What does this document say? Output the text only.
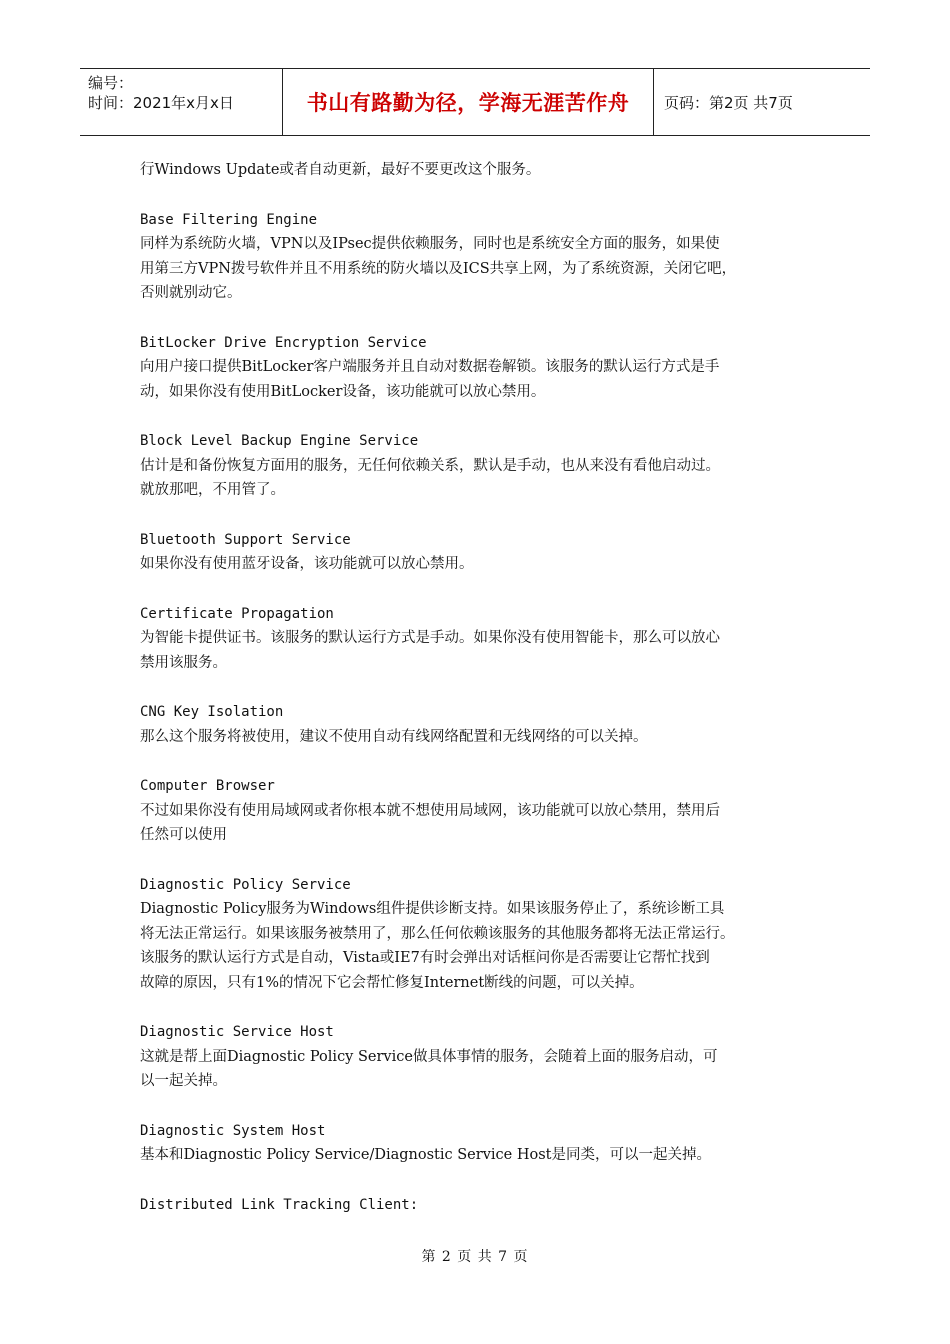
编号：
时间：2021年x月x日	书山有路勤为径，学海无涯苦作舟	页码：第2页 共7页
行Windows Update或者自动更新，最好不要更改这个服务。
Base Filtering Engine
同样为系统防火墙，VPN以及IPsec提供依赖服务，同时也是系统安全方面的服务，如果使
用第三方VPN拨号软件并且不用系统的防火墙以及ICS共享上网，为了系统资源，关闭它吧，
否则就别动它。
BitLocker Drive Encryption Service
向用户接口提供BitLocker客户端服务并且自动对数据卷解锁。该服务的默认运行方式是手
动，如果你没有使用BitLocker设备，该功能就可以放心禁用。
Block Level Backup Engine Service
估计是和备份恢复方面用的服务，无任何依赖关系，默认是手动，也从来没有看他启动过。
就放那吧，不用管了。
Bluetooth Support Service
如果你没有使用蓝牙设备，该功能就可以放心禁用。
Certificate Propagation
为智能卡提供证书。该服务的默认运行方式是手动。如果你没有使用智能卡，那么可以放心
禁用该服务。
CNG Key Isolation
那么这个服务将被使用，建议不使用自动有线网络配置和无线网络的可以关掉。
Computer Browser
不过如果你没有使用局域网或者你根本就不想使用局域网，该功能就可以放心禁用，禁用后
任然可以使用
Diagnostic Policy Service
Diagnostic Policy服务为Windows组件提供诊断支持。如果该服务停止了，系统诊断工具
将无法正常运行。如果该服务被禁用了，那么任何依赖该服务的其他服务都将无法正常运行。
该服务的默认运行方式是自动，Vista或IE7有时会弹出对话框问你是否需要让它帮忙找到
故障的原因，只有1%的情况下它会帮忙修复Internet断线的问题，可以关掉。
Diagnostic Service Host
这就是帮上面Diagnostic Policy Service做具体事情的服务，会随着上面的服务启动，可
以一起关掉。
Diagnostic System Host
基本和Diagnostic Policy Service/Diagnostic Service Host是同类，可以一起关掉。
Distributed Link Tracking Client:
第 2 页 共 7 页
